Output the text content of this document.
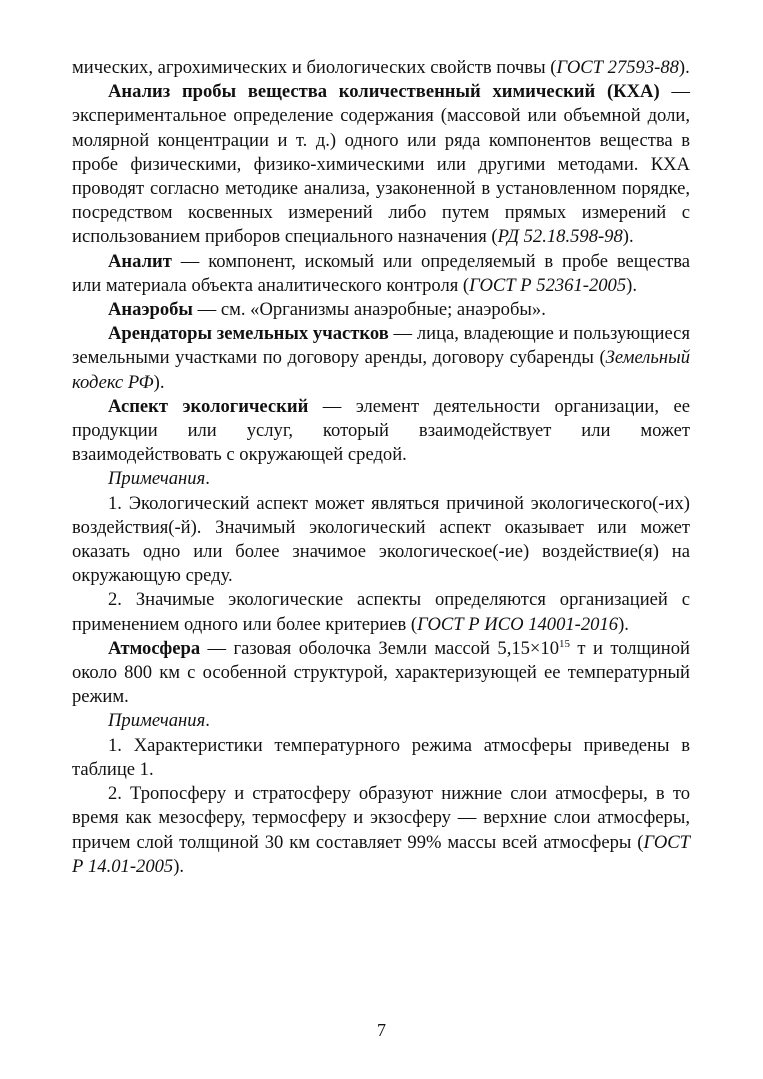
мических, агрохимических и биологических свойств почвы (ГОСТ 27593-88).

Анализ пробы вещества количественный химический (КХА) — экспериментальное определение содержания (массовой или объемной доли, молярной концентрации и т. д.) одного или ряда компонентов вещества в пробе физическими, физико-химическими или другими методами. КХА проводят согласно методике анализа, узаконенной в установленном порядке, посредством косвенных измерений либо путем прямых измерений с использованием приборов специального назначения (РД 52.18.598-98).

Аналит — компонент, искомый или определяемый в пробе вещества или материала объекта аналитического контроля (ГОСТ Р 52361-2005).

Анаэробы — см. «Организмы анаэробные; анаэробы».

Арендаторы земельных участков — лица, владеющие и пользующиеся земельными участками по договору аренды, договору субаренды (Земельный кодекс РФ).

Аспект экологический — элемент деятельности организации, ее продукции или услуг, который взаимодействует или может взаимодействовать с окружающей средой.

Примечания.

1. Экологический аспект может являться причиной экологического(-их) воздействия(-й). Значимый экологический аспект оказывает или может оказать одно или более значимое экологическое(-ие) воздействие(я) на окружающую среду.

2. Значимые экологические аспекты определяются организацией с применением одного или более критериев (ГОСТ Р ИСО 14001-2016).

Атмосфера — газовая оболочка Земли массой $5,15\times 10^{15}$ т и толщиной около 800 км с особенной структурой, характеризующей ее температурный режим.

Примечания.

1. Характеристики температурного режима атмосферы приведены в таблице 1.

2. Тропосферу и стратосферу образуют нижние слои атмосферы, в то время как мезосферу, термосферу и экзосферу — верхние слои атмосферы, причем слой толщиной 30 км составляет 99% массы всей атмосферы (ГОСТ Р 14.01-2005).

7
